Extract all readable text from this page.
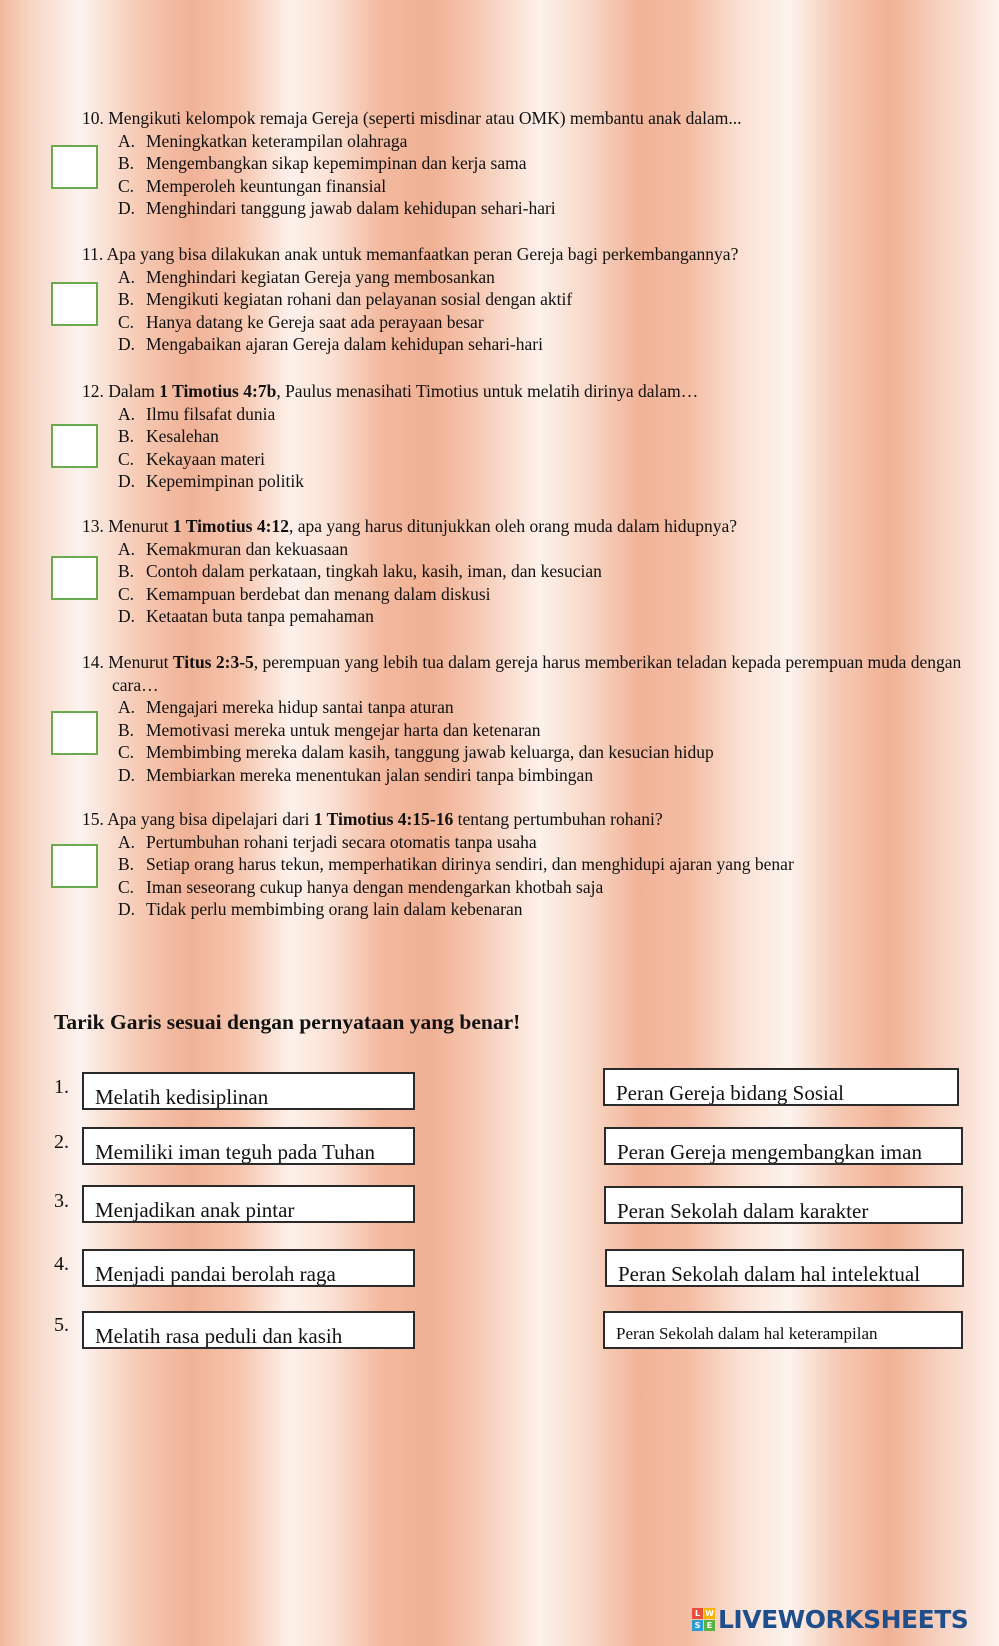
10. Mengikuti kelompok remaja Gereja (seperti misdinar atau OMK) membantu anak dalam...
A. Meningkatkan keterampilan olahraga
B. Mengembangkan sikap kepemimpinan dan kerja sama
C. Memperoleh keuntungan finansial
D. Menghindari tanggung jawab dalam kehidupan sehari-hari
11. Apa yang bisa dilakukan anak untuk memanfaatkan peran Gereja bagi perkembangannya?
A. Menghindari kegiatan Gereja yang membosankan
B. Mengikuti kegiatan rohani dan pelayanan sosial dengan aktif
C. Hanya datang ke Gereja saat ada perayaan besar
D. Mengabaikan ajaran Gereja dalam kehidupan sehari-hari
12. Dalam 1 Timotius 4:7b, Paulus menasihati Timotius untuk melatih dirinya dalam…
A. Ilmu filsafat dunia
B. Kesalehan
C. Kekayaan materi
D. Kepemimpinan politik
13. Menurut 1 Timotius 4:12, apa yang harus ditunjukkan oleh orang muda dalam hidupnya?
A. Kemakmuran dan kekuasaan
B. Contoh dalam perkataan, tingkah laku, kasih, iman, dan kesucian
C. Kemampuan berdebat dan menang dalam diskusi
D. Ketaatan buta tanpa pemahaman
14. Menurut Titus 2:3-5, perempuan yang lebih tua dalam gereja harus memberikan teladan kepada perempuan muda dengan cara…
A. Mengajari mereka hidup santai tanpa aturan
B. Memotivasi mereka untuk mengejar harta dan ketenaran
C. Membimbing mereka dalam kasih, tanggung jawab keluarga, dan kesucian hidup
D. Membiarkan mereka menentukan jalan sendiri tanpa bimbingan
15. Apa yang bisa dipelajari dari 1 Timotius 4:15-16 tentang pertumbuhan rohani?
A. Pertumbuhan rohani terjadi secara otomatis tanpa usaha
B. Setiap orang harus tekun, memperhatikan dirinya sendiri, dan menghidupi ajaran yang benar
C. Iman seseorang cukup hanya dengan mendengarkan khotbah saja
D. Tidak perlu membimbing orang lain dalam kebenaran
Tarik Garis sesuai dengan pernyataan yang benar!
1.	Melatih kedisiplinan	Peran Gereja bidang Sosial
2.	Memiliki iman teguh pada Tuhan	Peran Gereja mengembangkan iman
3.	Menjadikan anak pintar	Peran Sekolah dalam karakter
4.	Menjadi pandai berolah raga	Peran Sekolah dalam hal intelektual
5.	Melatih rasa peduli dan kasih	Peran Sekolah dalam hal keterampilan
L W
S E LIVEWORKSHEETS
